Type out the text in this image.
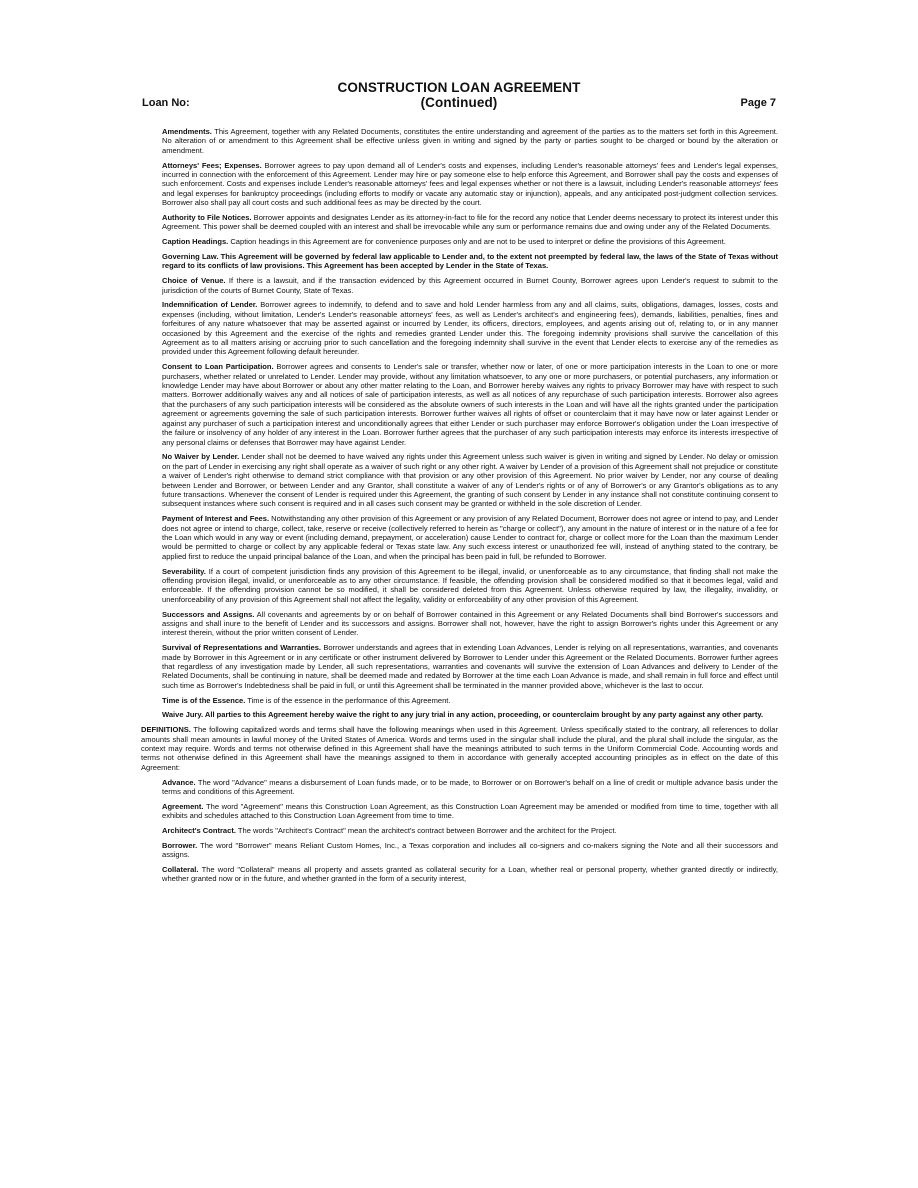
CONSTRUCTION LOAN AGREEMENT
(Continued)
Loan No:	Page 7

Amendments. This Agreement, together with any Related Documents, constitutes the entire understanding and agreement of the parties as to the matters set forth in this Agreement. No alteration of or amendment to this Agreement shall be effective unless given in writing and signed by the party or parties sought to be charged or bound by the alteration or amendment.

Attorneys' Fees; Expenses. Borrower agrees to pay upon demand all of Lender's costs and expenses, including Lender's reasonable attorneys' fees and Lender's legal expenses, incurred in connection with the enforcement of this Agreement. Lender may hire or pay someone else to help enforce this Agreement, and Borrower shall pay the costs and expenses of such enforcement. Costs and expenses include Lender's reasonable attorneys' fees and legal expenses whether or not there is a lawsuit, including Lender's reasonable attorneys' fees and legal expenses for bankruptcy proceedings (including efforts to modify or vacate any automatic stay or injunction), appeals, and any anticipated post-judgment collection services. Borrower also shall pay all court costs and such additional fees as may be directed by the court.

Authority to File Notices. Borrower appoints and designates Lender as its attorney-in-fact to file for the record any notice that Lender deems necessary to protect its interest under this Agreement. This power shall be deemed coupled with an interest and shall be irrevocable while any sum or performance remains due and owing under any of the Related Documents.

Caption Headings. Caption headings in this Agreement are for convenience purposes only and are not to be used to interpret or define the provisions of this Agreement.

Governing Law. This Agreement will be governed by federal law applicable to Lender and, to the extent not preempted by federal law, the laws of the State of Texas without regard to its conflicts of law provisions. This Agreement has been accepted by Lender in the State of Texas.

Choice of Venue. If there is a lawsuit, and if the transaction evidenced by this Agreement occurred in Burnet County, Borrower agrees upon Lender's request to submit to the jurisdiction of the courts of Burnet County, State of Texas.

Indemnification of Lender. Borrower agrees to indemnify, to defend and to save and hold Lender harmless from any and all claims, suits, obligations, damages, losses, costs and expenses (including, without limitation, Lender's Lender's reasonable attorneys' fees, as well as Lender's architect's and engineering fees), demands, liabilities, penalties, fines and forfeitures of any nature whatsoever that may be asserted against or incurred by Lender, its officers, directors, employees, and agents arising out of, relating to, or in any manner occasioned by this Agreement and the exercise of the rights and remedies granted Lender under this. The foregoing indemnity provisions shall survive the cancellation of this Agreement as to all matters arising or accruing prior to such cancellation and the foregoing indemnity shall survive in the event that Lender elects to exercise any of the remedies as provided under this Agreement following default hereunder.

Consent to Loan Participation. Borrower agrees and consents to Lender's sale or transfer, whether now or later, of one or more participation interests in the Loan to one or more purchasers, whether related or unrelated to Lender. Lender may provide, without any limitation whatsoever, to any one or more purchasers, or potential purchasers, any information or knowledge Lender may have about Borrower or about any other matter relating to the Loan, and Borrower hereby waives any rights to privacy Borrower may have with respect to such matters. Borrower additionally waives any and all notices of sale of participation interests, as well as all notices of any repurchase of such participation interests. Borrower also agrees that the purchasers of any such participation interests will be considered as the absolute owners of such interests in the Loan and will have all the rights granted under the participation agreement or agreements governing the sale of such participation interests. Borrower further waives all rights of offset or counterclaim that it may have now or later against Lender or against any purchaser of such a participation interest and unconditionally agrees that either Lender or such purchaser may enforce Borrower's obligation under the Loan irrespective of the failure or insolvency of any holder of any interest in the Loan. Borrower further agrees that the purchaser of any such participation interests may enforce its interests irrespective of any personal claims or defenses that Borrower may have against Lender.

No Waiver by Lender. Lender shall not be deemed to have waived any rights under this Agreement unless such waiver is given in writing and signed by Lender. No delay or omission on the part of Lender in exercising any right shall operate as a waiver of such right or any other right. A waiver by Lender of a provision of this Agreement shall not prejudice or constitute a waiver of Lender's right otherwise to demand strict compliance with that provision or any other provision of this Agreement. No prior waiver by Lender, nor any course of dealing between Lender and Borrower, or between Lender and any Grantor, shall constitute a waiver of any of Lender's rights or of any of Borrower's or any Grantor's obligations as to any future transactions. Whenever the consent of Lender is required under this Agreement, the granting of such consent by Lender in any instance shall not constitute continuing consent to subsequent instances where such consent is required and in all cases such consent may be granted or withheld in the sole discretion of Lender.

Payment of Interest and Fees. Notwithstanding any other provision of this Agreement or any provision of any Related Document, Borrower does not agree or intend to pay, and Lender does not agree or intend to charge, collect, take, reserve or receive (collectively referred to herein as "charge or collect"), any amount in the nature of interest or in the nature of a fee for the Loan which would in any way or event (including demand, prepayment, or acceleration) cause Lender to contract for, charge or collect more for the Loan than the maximum Lender would be permitted to charge or collect by any applicable federal or Texas state law. Any such excess interest or unauthorized fee will, instead of anything stated to the contrary, be applied first to reduce the unpaid principal balance of the Loan, and when the principal has been paid in full, be refunded to Borrower.

Severability. If a court of competent jurisdiction finds any provision of this Agreement to be illegal, invalid, or unenforceable as to any circumstance, that finding shall not make the offending provision illegal, invalid, or unenforceable as to any other circumstance. If feasible, the offending provision shall be considered modified so that it becomes legal, valid and enforceable. If the offending provision cannot be so modified, it shall be considered deleted from this Agreement. Unless otherwise required by law, the illegality, invalidity, or unenforceability of any provision of this Agreement shall not affect the legality, validity or enforceability of any other provision of this Agreement.

Successors and Assigns. All covenants and agreements by or on behalf of Borrower contained in this Agreement or any Related Documents shall bind Borrower's successors and assigns and shall inure to the benefit of Lender and its successors and assigns. Borrower shall not, however, have the right to assign Borrower's rights under this Agreement or any interest therein, without the prior written consent of Lender.

Survival of Representations and Warranties. Borrower understands and agrees that in extending Loan Advances, Lender is relying on all representations, warranties, and covenants made by Borrower in this Agreement or in any certificate or other instrument delivered by Borrower to Lender under this Agreement or the Related Documents. Borrower further agrees that regardless of any investigation made by Lender, all such representations, warranties and covenants will survive the extension of Loan Advances and delivery to Lender of the Related Documents, shall be continuing in nature, shall be deemed made and redated by Borrower at the time each Loan Advance is made, and shall remain in full force and effect until such time as Borrower's Indebtedness shall be paid in full, or until this Agreement shall be terminated in the manner provided above, whichever is the last to occur.

Time is of the Essence. Time is of the essence in the performance of this Agreement.

Waive Jury. All parties to this Agreement hereby waive the right to any jury trial in any action, proceeding, or counterclaim brought by any party against any other party.

DEFINITIONS. The following capitalized words and terms shall have the following meanings when used in this Agreement. Unless specifically stated to the contrary, all references to dollar amounts shall mean amounts in lawful money of the United States of America. Words and terms used in the singular shall include the plural, and the plural shall include the singular, as the context may require. Words and terms not otherwise defined in this Agreement shall have the meanings attributed to such terms in the Uniform Commercial Code. Accounting words and terms not otherwise defined in this Agreement shall have the meanings assigned to them in accordance with generally accepted accounting principles as in effect on the date of this Agreement:

Advance. The word "Advance" means a disbursement of Loan funds made, or to be made, to Borrower or on Borrower's behalf on a line of credit or multiple advance basis under the terms and conditions of this Agreement.

Agreement. The word "Agreement" means this Construction Loan Agreement, as this Construction Loan Agreement may be amended or modified from time to time, together with all exhibits and schedules attached to this Construction Loan Agreement from time to time.

Architect's Contract. The words "Architect's Contract" mean the architect's contract between Borrower and the architect for the Project.

Borrower. The word "Borrower" means Reliant Custom Homes, Inc., a Texas corporation and includes all co-signers and co-makers signing the Note and all their successors and assigns.

Collateral. The word "Collateral" means all property and assets granted as collateral security for a Loan, whether real or personal property, whether granted directly or indirectly, whether granted now or in the future, and whether granted in the form of a security interest,
